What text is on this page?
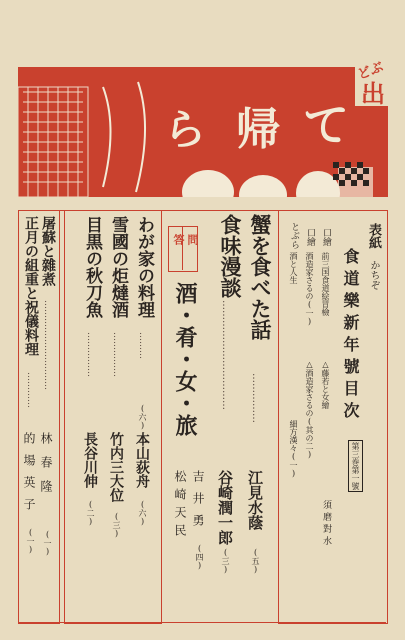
ら 帰 て
どぶ
出
表紙
かちぞ
食道樂新年號目次
第三巻第一號
口繪
前三国食道絵冒檢
△藤若と女繪
口繪
酒造家さるの(一)
△酒造家さるの(其の二)
とぶら
酒と人生
細方漢々(一)
須磨對水
蟹を食べた話
……………
江見水蔭
(五)
食味漫談
……………………………
谷崎潤一郎
(三)
問
答
酒・肴・女・旅
吉井勇
松崎天民
(四)
わが家の料理
………
(六)
本山荻舟
(六)
雪國の炬燵酒
……………
竹内三大位
(三)
目黒の秋刀魚
……………
長谷川伸
(二)
屠蘇と雜煮
…………………………
林春隆
(一)
正月の組重と祝儀料理
…………
的場英子
(一)
